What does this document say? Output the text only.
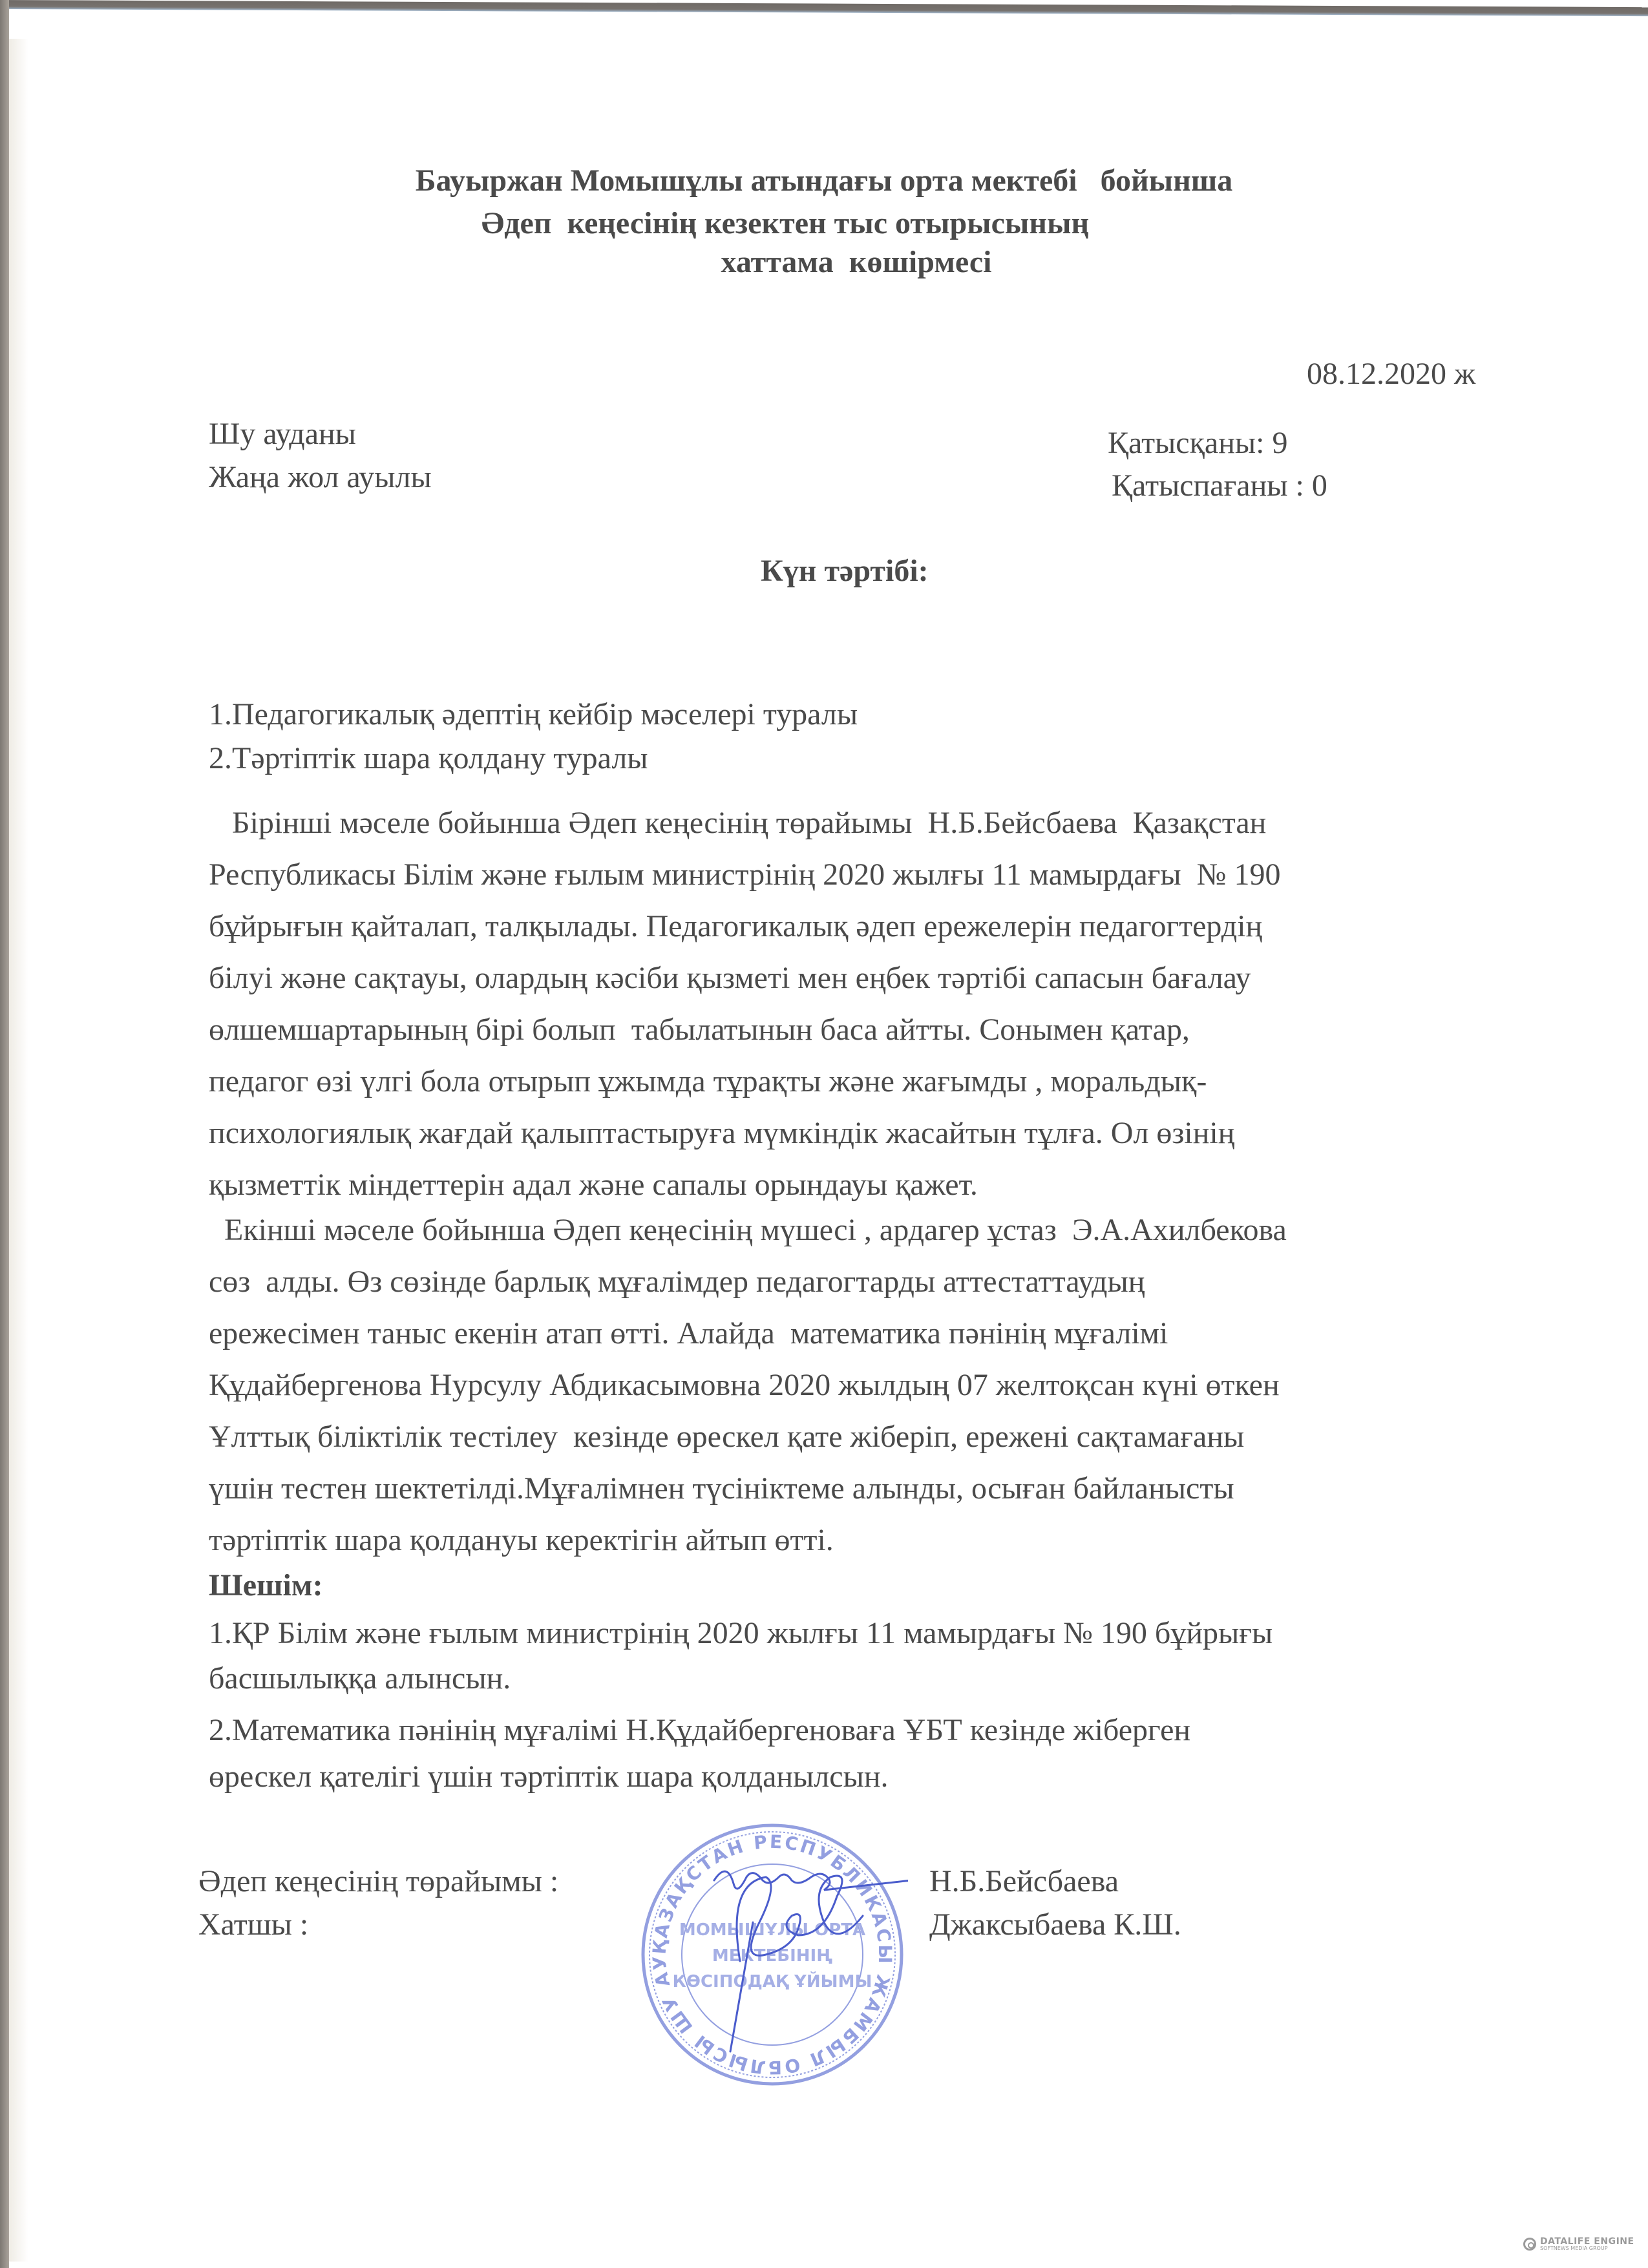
Бауыржан Момышұлы атындағы орта мектебі   бойынша
Әдеп  кеңесінің кезектен тыс отырысының
хаттама  көшірмесі
08.12.2020 ж
Шу ауданы
Жаңа жол ауылы
Қатысқаны: 9
Қатыспағаны : 0
Күн тәртібі:
1.Педагогикалық әдептің кейбір мәселері туралы
2.Тәртіптік шара қолдану туралы
Бірінші мәселе бойынша Әдеп кеңесінің төрайымы  Н.Б.Бейсбаева  Қазақстан
Республикасы Білім және ғылым министрінің 2020 жылғы 11 мамырдағы  № 190
бұйрығын қайталап, талқылады. Педагогикалық әдеп ережелерін педагогтердің
білуі және сақтауы, олардың кәсіби қызметі мен еңбек тәртібі сапасын бағалау
өлшемшартарының бірі болып  табылатынын баса айтты. Сонымен қатар,
педагог өзі үлгі бола отырып ұжымда тұрақты және жағымды , моральдық-
психологиялық жағдай қалыптастыруға мүмкіндік жасайтын тұлға. Ол өзінің
қызметтік міндеттерін адал және сапалы орындауы қажет.
Екінші мәселе бойынша Әдеп кеңесінің мүшесі , ардагер ұстаз  Э.А.Ахилбекова
сөз  алды. Өз сөзінде барлық мұғалімдер педагогтарды аттестаттаудың
ережесімен таныс екенін атап өтті. Алайда  математика пәнінің мұғалімі
Құдайбергенова Нурсулу Абдикасымовна 2020 жылдың 07 желтоқсан күні өткен
Ұлттық біліктілік тестілеу  кезінде өрескел қате жіберіп, ережені сақтамағаны
үшін тестен шектетілді.Мұғалімнен түсініктеме алынды, осыған байланысты
тәртіптік шара қолдануы керектігін айтып өтті.
Шешім:
1.ҚР Білім және ғылым министрінің 2020 жылғы 11 мамырдағы № 190 бұйрығы
басшылыққа алынсын.
2.Математика пәнінің мұғалімі Н.Құдайбергеноваға ҰБТ кезінде жіберген
өрескел қателігі үшін тәртіптік шара қолданылсын.
Әдеп кеңесінің төрайымы :	Н.Б.Бейсбаева
Хатшы :	Джаксыбаева К.Ш.
ҚАЗАҚСТАН РЕСПУБЛИКАСЫ ЖАМБЫЛ ОБЛЫСЫ ШУ АУ
МОМЫШҰЛЫ ОРТА
МЕКТЕБІНІҢ
КӨСІПОДАҚ ҰЙЫМЫ
DATALIFE ENGINE
SOFTNEWS MEDIA GROUP
